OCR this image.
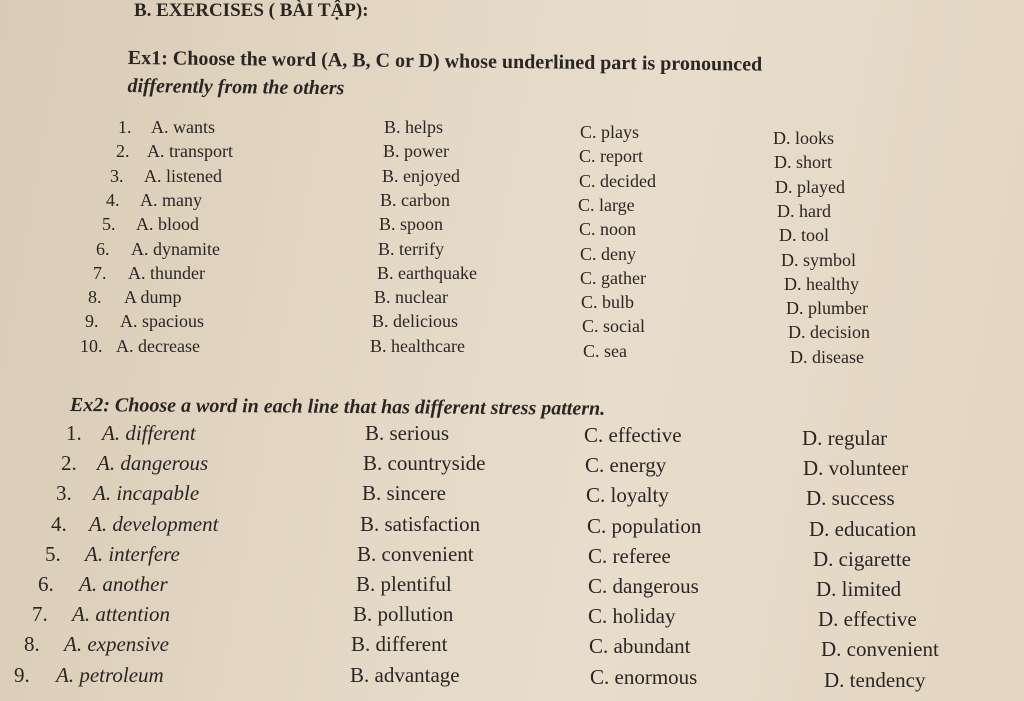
B. EXERCISES ( BÀI TẬP):
Ex1: Choose the word (A, B, C or D) whose underlined part is pronounced
differently from the others
1. A. wants	B. helps	C. plays	D. looks
2. A. transport	B. power	C. report	D. short
3. A. listened	B. enjoyed	C. decided	D. played
4. A. many	B. carbon	C. large	D. hard
5. A. blood	B. spoon	C. noon	D. tool
6. A. dynamite	B. terrify	C. deny	D. symbol
7. A. thunder	B. earthquake	C. gather	D. healthy
8. A dump	B. nuclear	C. bulb	D. plumber
9. A. spacious	B. delicious	C. social	D. decision
10. A. decrease	B. healthcare	C. sea	D. disease
Ex2: Choose a word in each line that has different stress pattern.
1. A. different	B. serious	C. effective	D. regular
2. A. dangerous	B. countryside	C. energy	D. volunteer
3. A. incapable	B. sincere	C. loyalty	D. success
4. A. development	B. satisfaction	C. population	D. education
5. A. interfere	B. convenient	C. referee	D. cigarette
6. A. another	B. plentiful	C. dangerous	D. limited
7. A. attention	B. pollution	C. holiday	D. effective
8. A. expensive	B. different	C. abundant	D. convenient
9. A. petroleum	B. advantage	C. enormous	D. tendency
